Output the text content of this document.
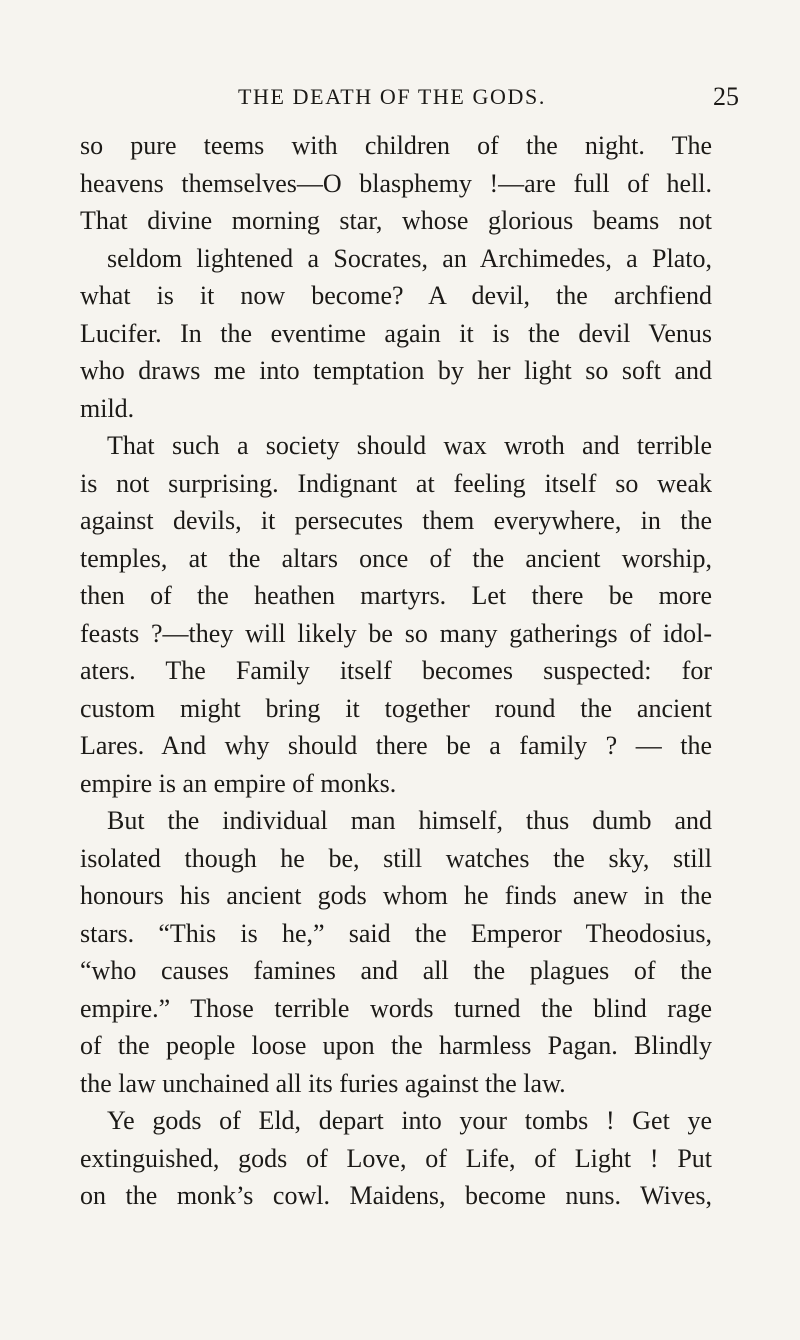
THE DEATH OF THE GODS.	25
so pure teems with children of the night. The
heavens themselves—O blasphemy !—are full of hell.
That divine morning star, whose glorious beams not
seldom lightened a Socrates, an Archimedes, a Plato,
what is it now become? A devil, the archfiend
Lucifer. In the eventime again it is the devil Venus
who draws me into temptation by her light so soft and
mild.
That such a society should wax wroth and terrible
is not surprising. Indignant at feeling itself so weak
against devils, it persecutes them everywhere, in the
temples, at the altars once of the ancient worship,
then of the heathen martyrs. Let there be more
feasts ?—they will likely be so many gatherings of idol-
aters. The Family itself becomes suspected: for
custom might bring it together round the ancient
Lares. And why should there be a family ? — the
empire is an empire of monks.
But the individual man himself, thus dumb and
isolated though he be, still watches the sky, still
honours his ancient gods whom he finds anew in the
stars. “This is he,” said the Emperor Theodosius,
“who causes famines and all the plagues of the
empire.” Those terrible words turned the blind rage
of the people loose upon the harmless Pagan. Blindly
the law unchained all its furies against the law.
Ye gods of Eld, depart into your tombs ! Get ye
extinguished, gods of Love, of Life, of Light ! Put
on the monk’s cowl. Maidens, become nuns. Wives,
